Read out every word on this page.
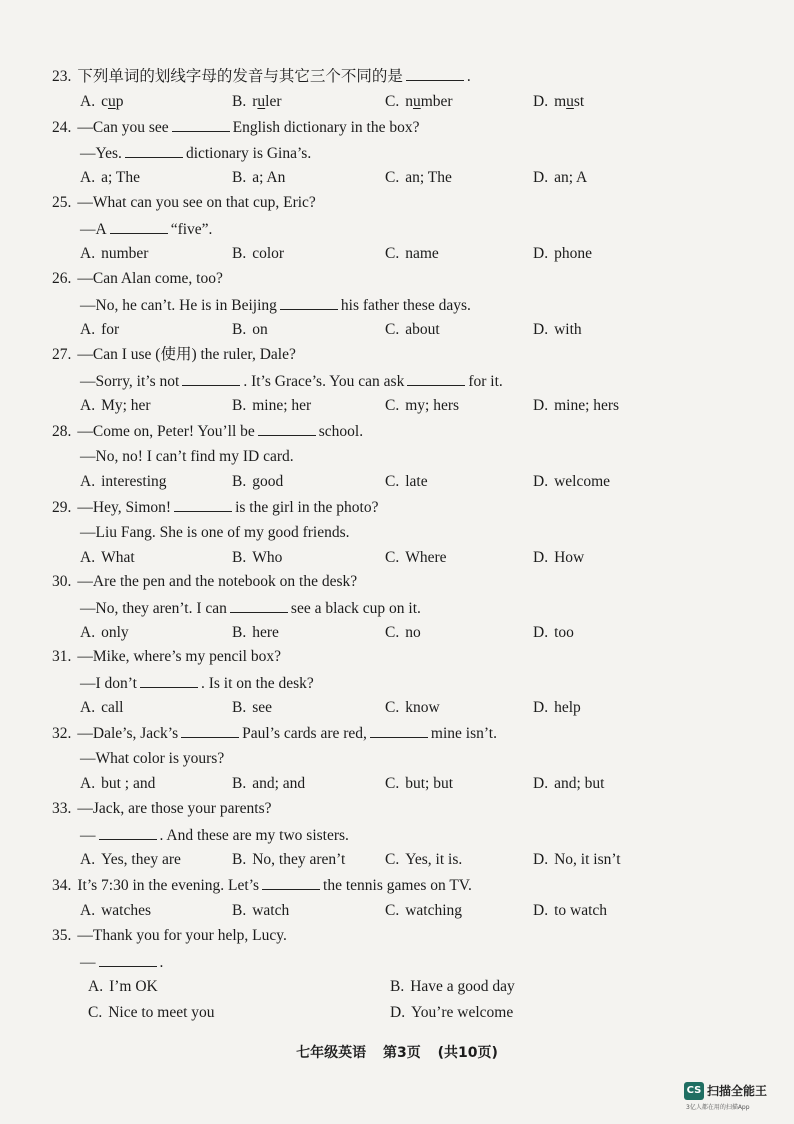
23. 下列单词的划线字母的发音与其它三个不同的是	.
A. cup	B. ruler	C. number	D. must
24. —Can you see	English dictionary in the box?
—Yes.	dictionary is Gina’s.
A. a; The	B. a; An	C. an; The	D. an; A
25. —What can you see on that cup, Eric?
—A	“five”.
A. number	B. color	C. name	D. phone
26. —Can Alan come, too?
—No, he can’t. He is in Beijing	his father these days.
A. for	B. on	C. about	D. with
27. —Can I use (使用) the ruler, Dale?
—Sorry, it’s not	. It’s Grace’s. You can ask	for it.
A. My; her	B. mine; her	C. my; hers	D. mine; hers
28. —Come on, Peter! You’ll be	school.
—No, no! I can’t find my ID card.
A. interesting	B. good	C. late	D. welcome
29. —Hey, Simon!	is the girl in the photo?
—Liu Fang. She is one of my good friends.
A. What	B. Who	C. Where	D. How
30. —Are the pen and the notebook on the desk?
—No, they aren’t. I can	see a black cup on it.
A. only	B. here	C. no	D. too
31. —Mike, where’s my pencil box?
—I don’t	. Is it on the desk?
A. call	B. see	C. know	D. help
32. —Dale’s, Jack’s	Paul’s cards are red,	mine isn’t.
—What color is yours?
A. but ; and	B. and; and	C. but; but	D. and; but
33. —Jack, are those your parents?
—	. And these are my two sisters.
A. Yes, they are	B. No, they aren’t	C. Yes, it is.	D. No, it isn’t
34. It’s 7:30 in the evening. Let’s	the tennis games on TV.
A. watches	B. watch	C. watching	D. to watch
35. —Thank you for your help, Lucy.
—	.
A. I’m OK	B. Have a good day
C. Nice to meet you	D. You’re welcome
七年级英语 第3页 (共10页)
CS 扫描全能王
3亿人都在用的扫描App
